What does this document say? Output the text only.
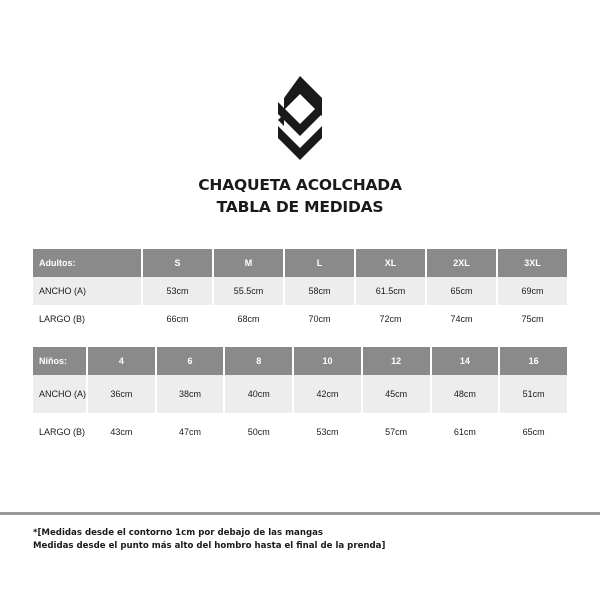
CHAQUETA ACOLCHADA
TABLA DE MEDIDAS
Adultos:	S	M	L	XL	2XL	3XL
ANCHO (A)	53cm	55.5cm	58cm	61.5cm	65cm	69cm
LARGO (B)	66cm	68cm	70cm	72cm	74cm	75cm
Niños:	4	6	8	10	12	14	16
ANCHO (A)	36cm	38cm	40cm	42cm	45cm	48cm	51cm
LARGO (B)	43cm	47cm	50cm	53cm	57cm	61cm	65cm
*[Medidas desde el contorno 1cm por debajo de las mangas
Medidas desde el punto más alto del hombro hasta el final de la prenda]
